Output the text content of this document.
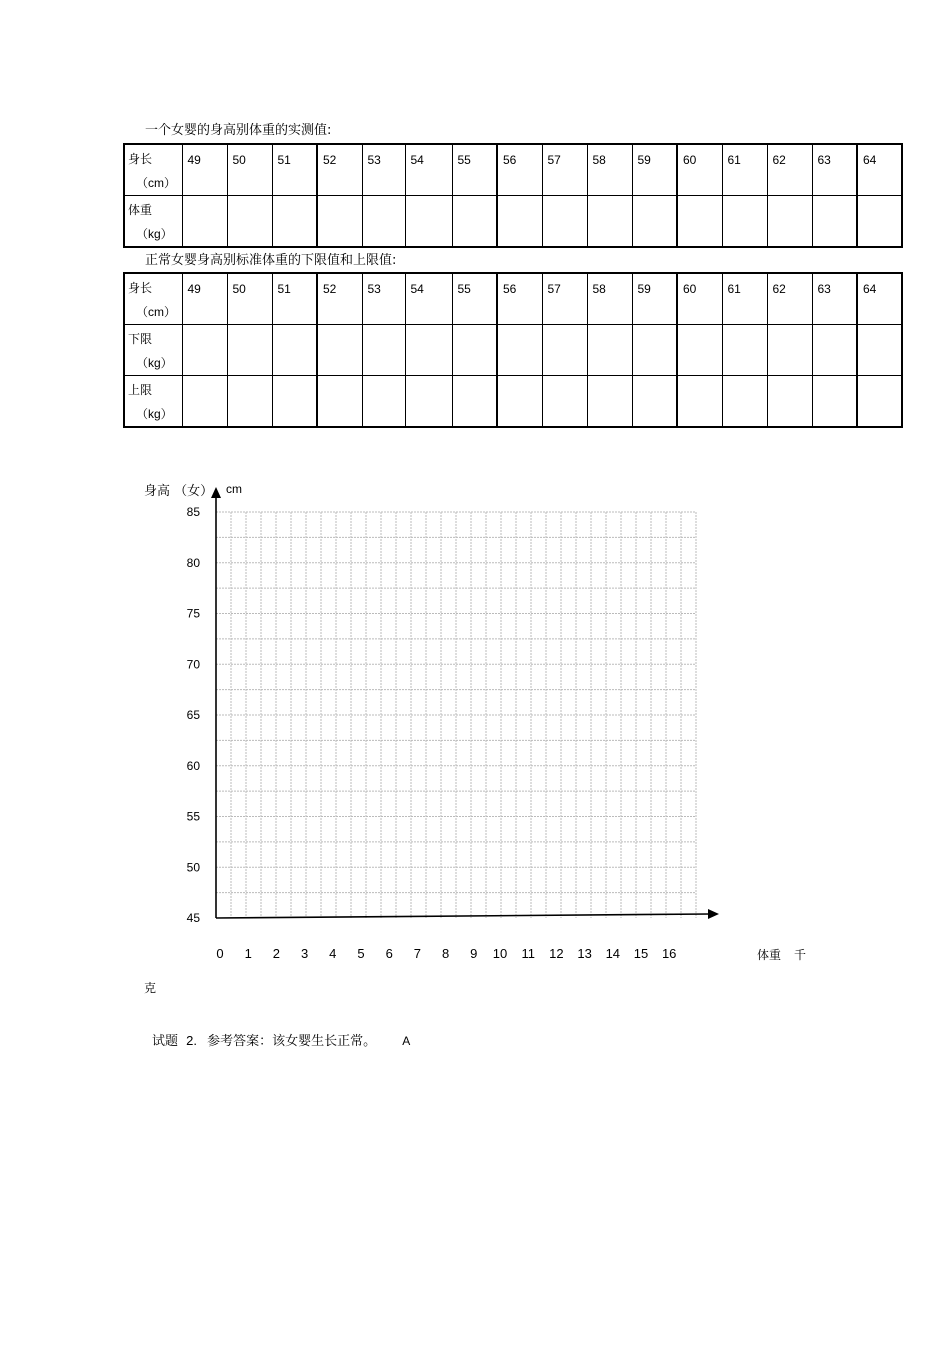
一个女婴的身高别体重的实测值:
身长
（cm）	49	50	51	52	53	54	55	56	57	58	59	60	61	62	63	64

体重
（kg）																

正常女婴身高别标准体重的下限值和上限值:
身长
（cm）	49	50	51	52	53	54	55	56	57	58	59	60	61	62	63	64

下限
（kg）																

上限
（kg）																

身高 （女） cm
85
80
75
70
65
60
55
50
45
0 1 2 3 4 5 6 7 8 9 10 11 12 13 14 15 16	体重 千
克
试题 2. 参考答案：该女婴生长正常。 A
